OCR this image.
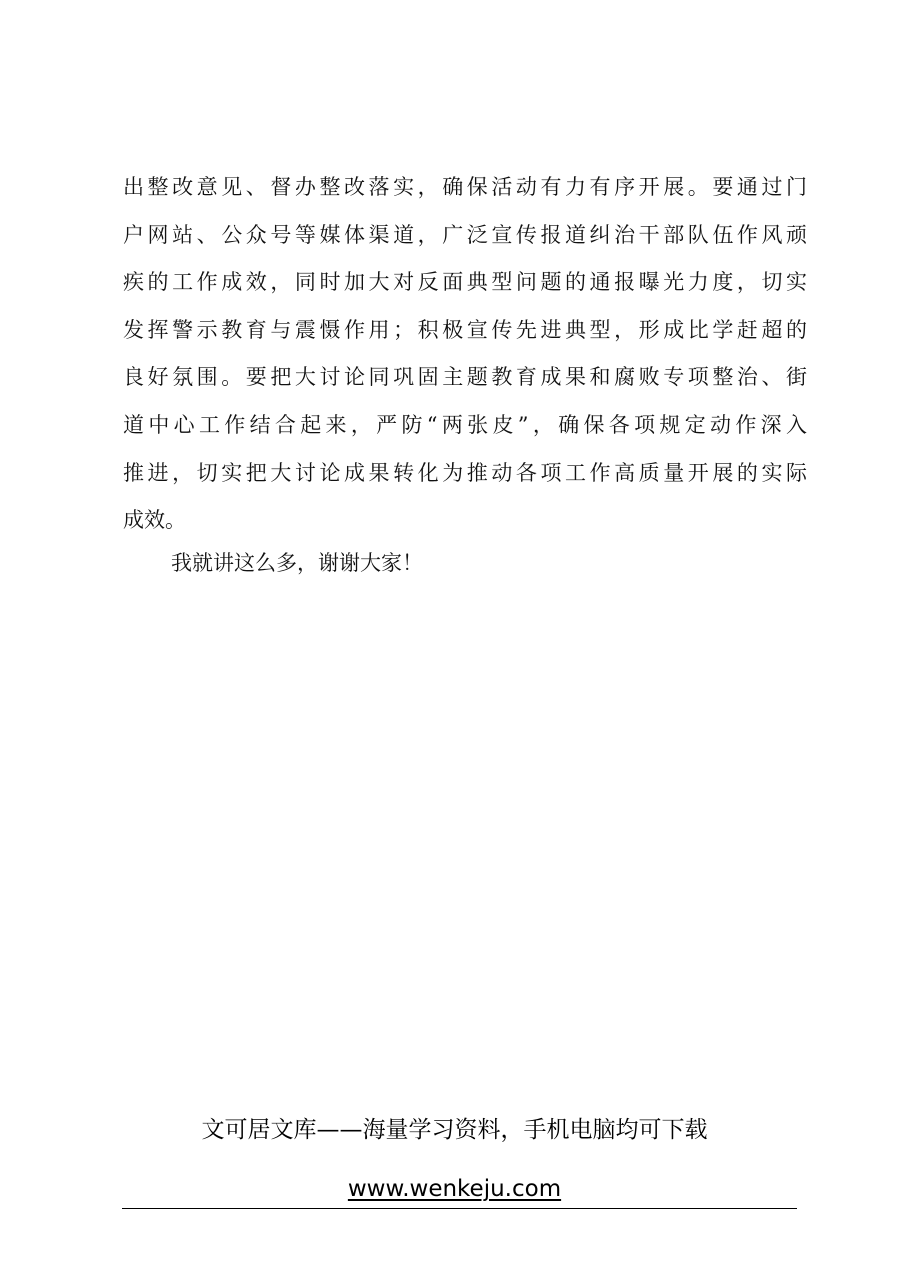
出整改意见、督办整改落实，确保活动有力有序开展。要通过门
户网站、公众号等媒体渠道，广泛宣传报道纠治干部队伍作风顽
疾的工作成效，同时加大对反面典型问题的通报曝光力度，切实
发挥警示教育与震慑作用；积极宣传先进典型，形成比学赶超的
良好氛围。要把大讨论同巩固主题教育成果和腐败专项整治、街
道中心工作结合起来，严防“两张皮”，确保各项规定动作深入
推进，切实把大讨论成果转化为推动各项工作高质量开展的实际
成效。

我就讲这么多，谢谢大家！

文可居文库——海量学习资料，手机电脑均可下载

www.wenkeju.com
